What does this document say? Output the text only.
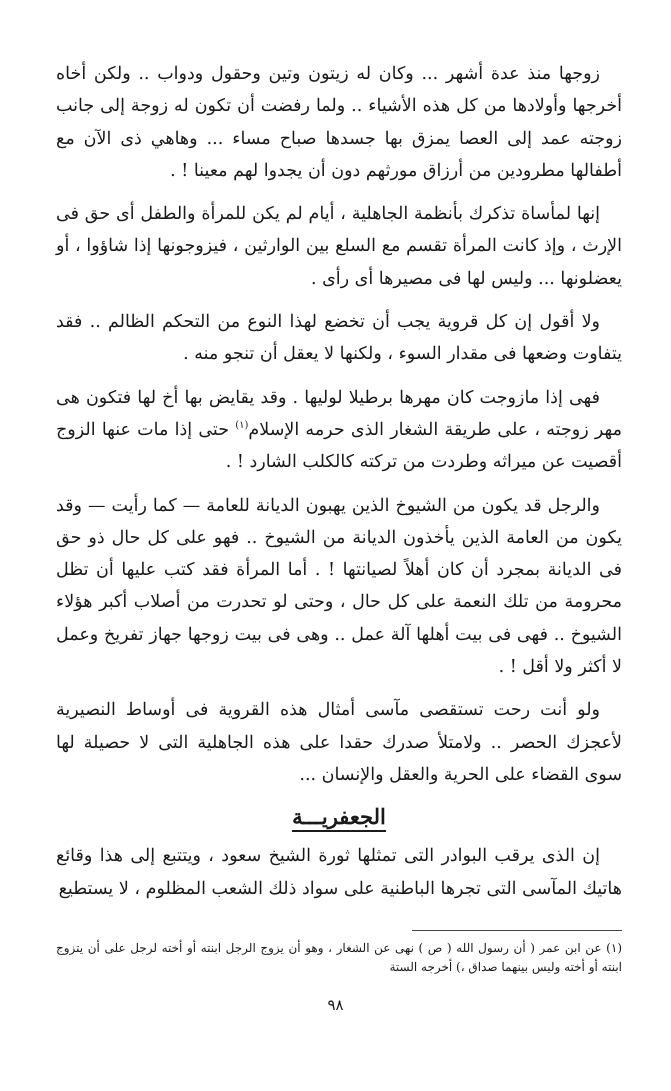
زوجها منذ عدة أشهر ... وكان له زيتون وتين وحقول ودواب .. ولكن أخاه أخرجها وأولادها من كل هذه الأشياء .. ولما رفضت أن تكون له زوجة إلى جانب زوجته عمد إلى العصا يمزق بها جسدها صباح مساء ... وهاهي ذى الآن مع أطفالها مطرودين من أرزاق مورثهم دون أن يجدوا لهم معينا ! .

إنها لمأساة تذكرك بأنظمة الجاهلية ، أيام لم يكن للمرأة والطفل أى حق فى الإرث ، وإذ كانت المرأة تقسم مع السلع بين الوارثين ، فيزوجونها إذا شاؤوا ، أو يعضلونها ... وليس لها فى مصيرها أى رأى .

ولا أقول إن كل قروية يجب أن تخضع لهذا النوع من التحكم الظالم .. فقد يتفاوت وضعها فى مقدار السوء ، ولكنها لا يعقل أن تنجو منه .

فهى إذا مازوجت كان مهرها برطيلا لوليها . وقد يقايض بها أخ لها فتكون هى مهر زوجته ، على طريقة الشغار الذى حرمه الإسلام$^{(١)}$ حتى إذا مات عنها الزوج أقصيت عن ميراثه وطردت من تركته كالكلب الشارد ! .

والرجل قد يكون من الشيوخ الذين يهبون الديانة للعامة — كما رأيت — وقد يكون من العامة الذين يأخذون الديانة من الشيوخ .. فهو على كل حال ذو حق فى الديانة بمجرد أن كان أهلاً لصيانتها ! . أما المرأة فقد كتب عليها أن تظل محرومة من تلك النعمة على كل حال ، وحتى لو تحدرت من أصلاب أكبر هؤلاء الشيوخ .. فهى فى بيت أهلها آلة عمل .. وهى فى بيت زوجها جهاز تفريخ وعمل لا أكثر ولا أقل ! .

ولو أنت رحت تستقصى مآسى أمثال هذه القروية فى أوساط النصيرية لأعجزك الحصر .. ولامتلأ صدرك حقدا على هذه الجاهلية التى لا حصيلة لها سوى القضاء على الحرية والعقل والإنسان ...

الجعفريـــة

إن الذى يرقب البوادر التى تمثلها ثورة الشيخ سعود ، ويتتبع إلى هذا وقائع هاتيك المآسى التى تجرها الباطنية على سواد ذلك الشعب المظلوم ، لا يستطيع

(١) عن ابن عمر ( أن رسول الله ( ص ) نهى عن الشغار ، وهو أن يزوج الرجل ابنته أو أخته لرجل على أن يتزوج ابنته أو أخته وليس بينهما صداق ،) أخرجه الستة

٩٨
